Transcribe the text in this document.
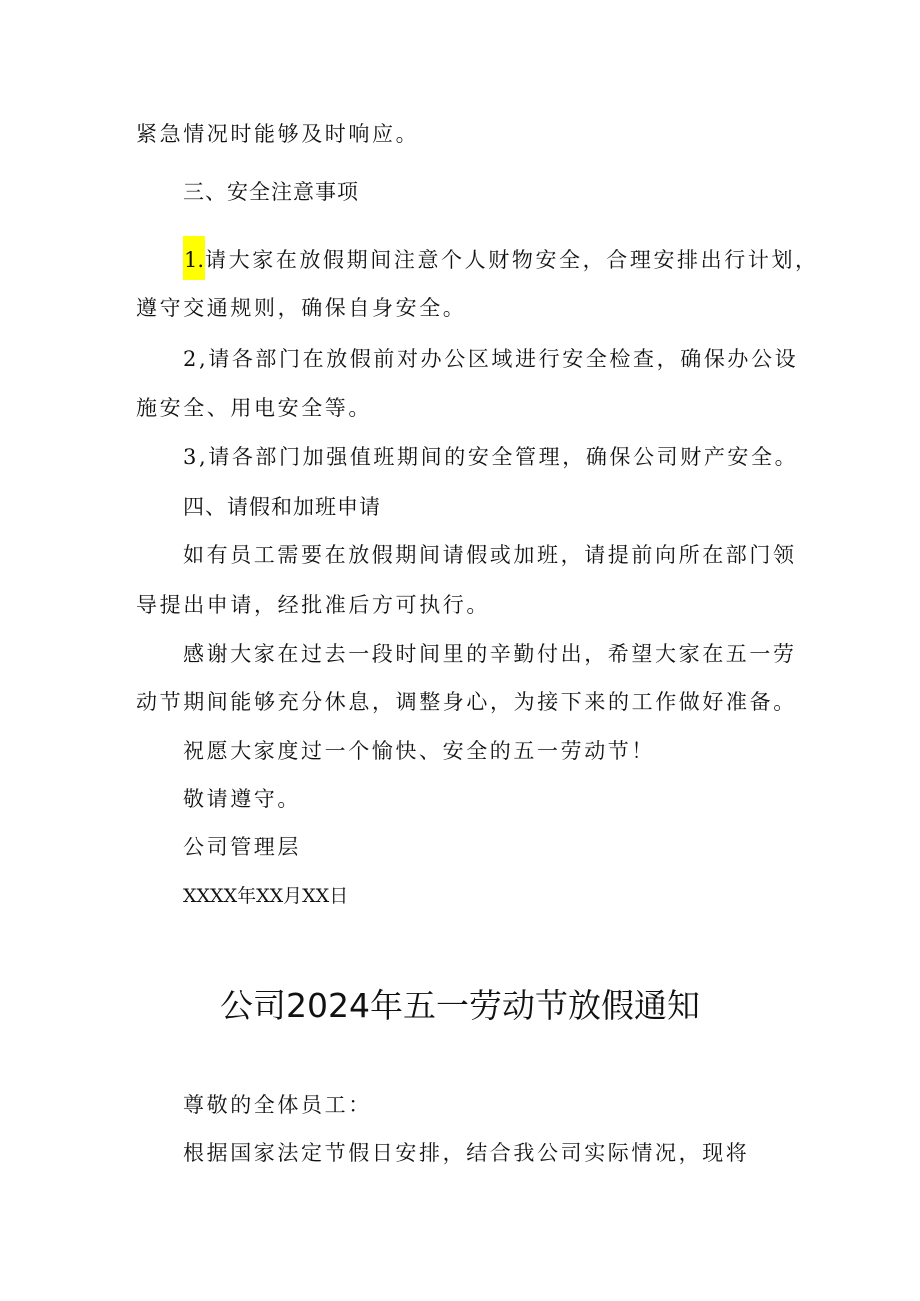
紧急情况时能够及时响应。
三、安全注意事项
1.请大家在放假期间注意个人财物安全，合理安排出行计划，
遵守交通规则，确保自身安全。
2,请各部门在放假前对办公区域进行安全检查，确保办公设
施安全、用电安全等。
3,请各部门加强值班期间的安全管理，确保公司财产安全。
四、请假和加班申请
如有员工需要在放假期间请假或加班，请提前向所在部门领
导提出申请，经批准后方可执行。
感谢大家在过去一段时间里的辛勤付出，希望大家在五一劳
动节期间能够充分休息，调整身心，为接下来的工作做好准备。
祝愿大家度过一个愉快、安全的五一劳动节！
敬请遵守。
公司管理层
XXXX年XX月XX日
公司2024年五一劳动节放假通知
尊敬的全体员工：
根据国家法定节假日安排，结合我公司实际情况，现将
